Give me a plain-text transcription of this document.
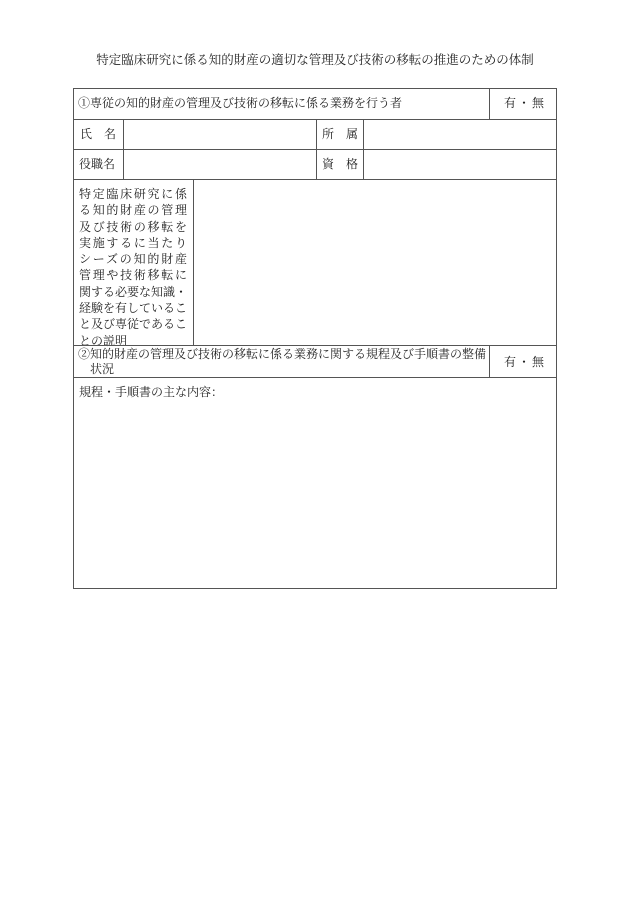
特定臨床研究に係る知的財産の適切な管理及び技術の移転の推進のための体制
①専従の知的財産の管理及び技術の移転に係る業務を行う者	有・無
氏　名	所　属
役職名	資　格
特定臨床研究に係
る知的財産の管理
及び技術の移転を
実施するに当たり
シーズの知的財産
管理や技術移転に
関する必要な知識・
経験を有しているこ
と及び専従であるこ
との説明
②知的財産の管理及び技術の移転に係る業務に関する規程及び手順書の整備
状況	有・無
規程・手順書の主な内容：
